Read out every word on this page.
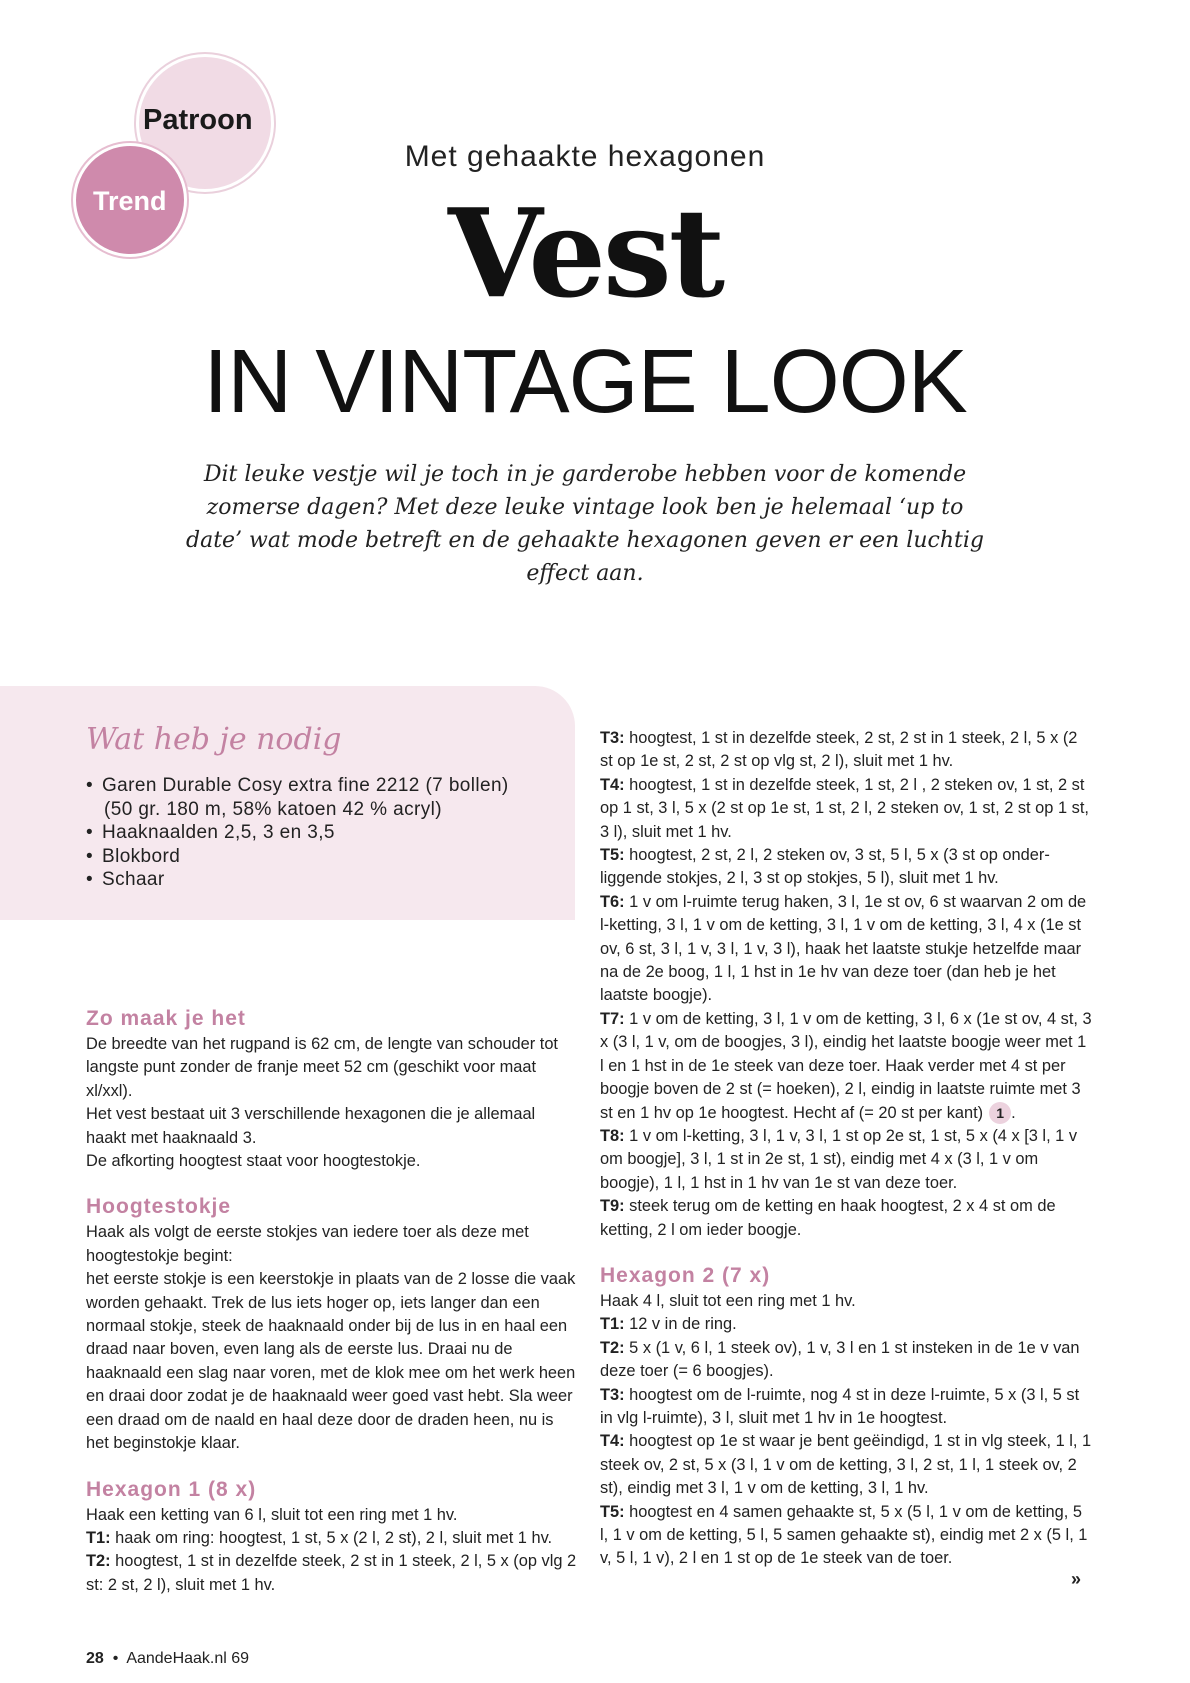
Patroon
Trend
Met gehaakte hexagonen
Vest
IN VINTAGE LOOK
Dit leuke vestje wil je toch in je garderobe hebben voor de komende zomerse dagen? Met deze leuke vintage look ben je helemaal ‘up to date’ wat mode betreft en de gehaakte hexagonen geven er een luchtig effect aan.
Wat heb je nodig
• Garen Durable Cosy extra fine 2212 (7 bollen)
(50 gr. 180 m, 58% katoen 42 % acryl)
• Haaknaalden 2,5, 3 en 3,5
• Blokbord
• Schaar
Zo maak je het

De breedte van het rugpand is 62 cm, de lengte van schouder tot langste punt zonder de franje meet 52 cm (geschikt voor maat xl/xxl).

Het vest bestaat uit 3 verschillende hexagonen die je allemaal haakt met haaknaald 3.

De afkorting hoogtest staat voor hoogtestokje.

Hoogtestokje

Haak als volgt de eerste stokjes van iedere toer als deze met hoogtestokje begint:

het eerste stokje is een keerstokje in plaats van de 2 losse die vaak worden gehaakt. Trek de lus iets hoger op, iets langer dan een normaal stokje, steek de haaknaald onder bij de lus in en haal een draad naar boven, even lang als de eerste lus. Draai nu de haaknaald een slag naar voren, met de klok mee om het werk heen en draai door zodat je de haaknaald weer goed vast hebt. Sla weer een draad om de naald en haal deze door de draden heen, nu is het beginstokje klaar.

Hexagon 1 (8 x)

Haak een ketting van 6 l, sluit tot een ring met 1 hv.

T1: haak om ring: hoogtest, 1 st, 5 x (2 l, 2 st), 2 l, sluit met 1 hv.

T2: hoogtest, 1 st in dezelfde steek, 2 st in 1 steek, 2 l, 5 x (op vlg 2 st: 2 st, 2 l), sluit met 1 hv.

T3: hoogtest, 1 st in dezelfde steek, 2 st, 2 st in 1 steek, 2 l, 5 x (2 st op 1e st, 2 st, 2 st op vlg st, 2 l), sluit met 1 hv.

T4: hoogtest, 1 st in dezelfde steek, 1 st, 2 l , 2 steken ov, 1 st, 2 st op 1 st, 3 l, 5 x (2 st op 1e st, 1 st, 2 l, 2 steken ov, 1 st, 2 st op 1 st, 3 l), sluit met 1 hv.

T5: hoogtest, 2 st, 2 l, 2 steken ov, 3 st, 5 l, 5 x (3 st op onderliggende stokjes, 2 l, 3 st op stokjes, 5 l), sluit met 1 hv.

T6: 1 v om l-ruimte terug haken, 3 l, 1e st ov, 6 st waarvan 2 om de l-ketting, 3 l, 1 v om de ketting, 3 l, 1 v om de ketting, 3 l, 4 x (1e st ov, 6 st, 3 l, 1 v, 3 l, 1 v, 3 l), haak het laatste stukje hetzelfde maar na de 2e boog, 1 l, 1 hst in 1e hv van deze toer (dan heb je het laatste boogje).

T7: 1 v om de ketting, 3 l, 1 v om de ketting, 3 l, 6 x (1e st ov, 4 st, 3 x (3 l, 1 v, om de boogjes, 3 l), eindig het laatste boogje weer met 1 l en 1 hst in de 1e steek van deze toer. Haak verder met 4 st per boogje boven de 2 st (= hoeken), 2 l, eindig in laatste ruimte met 3 st en 1 hv op 1e hoogtest. Hecht af (= 20 st per kant) 1 .

T8: 1 v om l-ketting, 3 l, 1 v, 3 l, 1 st op 2e st, 1 st, 5 x (4 x [3 l, 1 v om boogje], 3 l, 1 st in 2e st, 1 st), eindig met 4 x (3 l, 1 v om boogje), 1 l, 1 hst in 1 hv van 1e st van deze toer.

T9: steek terug om de ketting en haak hoogtest, 2 x 4 st om de ketting, 2 l om ieder boogje.

Hexagon 2 (7 x)

Haak 4 l, sluit tot een ring met 1 hv.

T1: 12 v in de ring.

T2: 5 x (1 v, 6 l, 1 steek ov), 1 v, 3 l en 1 st insteken in de 1e v van deze toer (= 6 boogjes).

T3: hoogtest om de l-ruimte, nog 4 st in deze l-ruimte, 5 x (3 l, 5 st in vlg l-ruimte), 3 l, sluit met 1 hv in 1e hoogtest.

T4: hoogtest op 1e st waar je bent geëindigd, 1 st in vlg steek, 1 l, 1 steek ov, 2 st, 5 x (3 l, 1 v om de ketting, 3 l, 2 st, 1 l, 1 steek ov, 2 st), eindig met 3 l, 1 v om de ketting, 3 l, 1 hv.

T5: hoogtest en 4 samen gehaakte st, 5 x (5 l, 1 v om de ketting, 5 l, 1 v om de ketting, 5 l, 5 samen gehaakte st), eindig met 2 x (5 l, 1 v, 5 l, 1 v), 2 l en 1 st op de 1e steek van de toer.

»
28 • AandeHaak.nl 69
